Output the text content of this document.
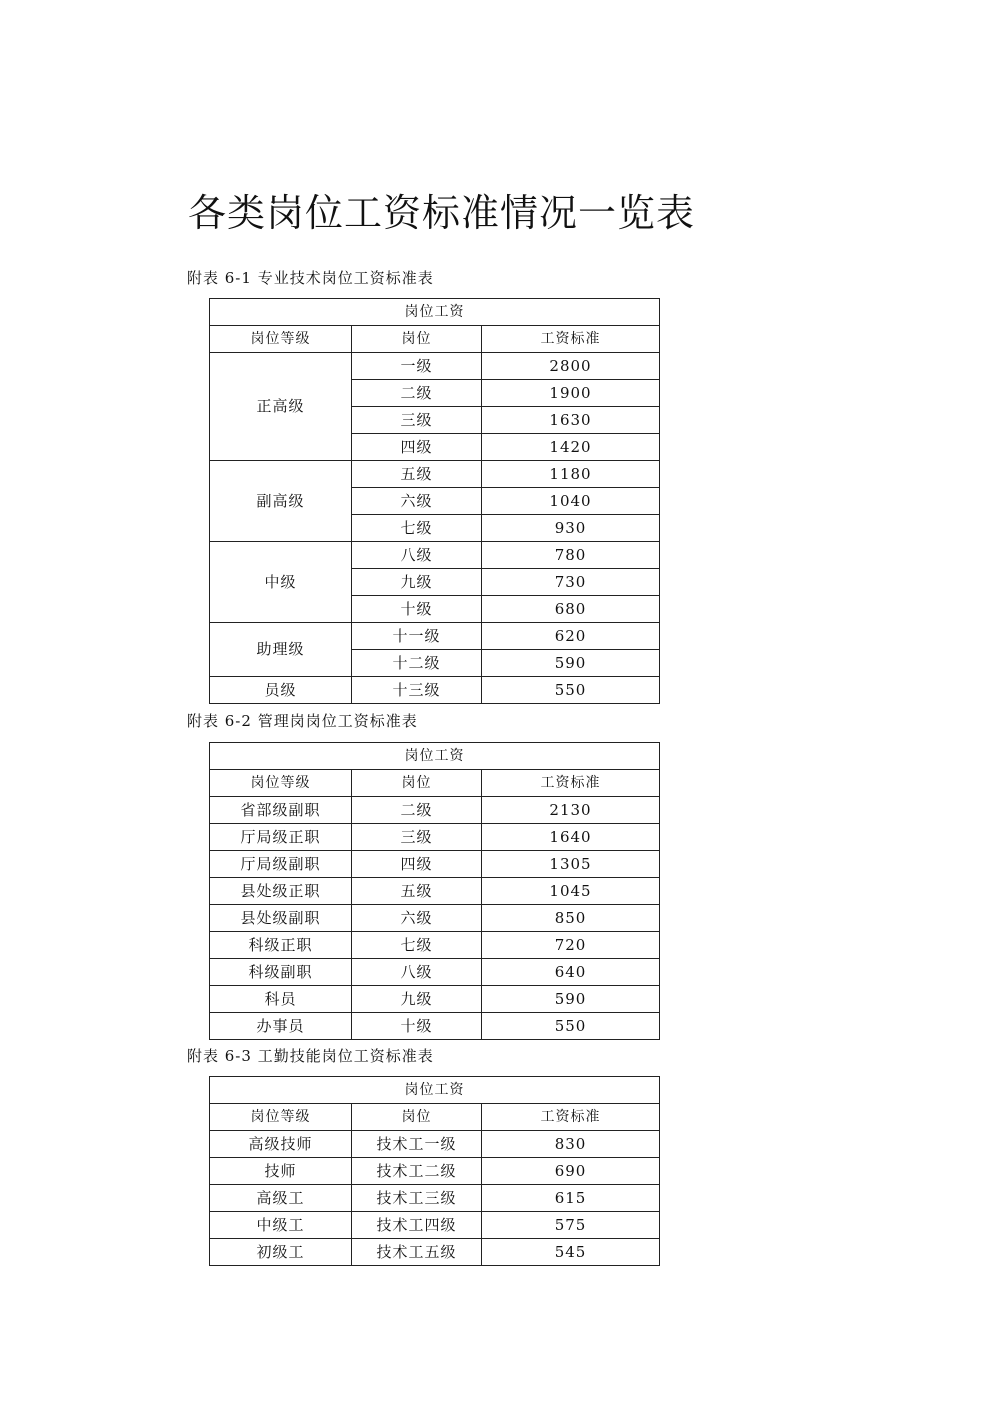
各类岗位工资标准情况一览表
附表 6-1 专业技术岗位工资标准表
岗位工资		
岗位等级	岗位	工资标准
正高级	一级	2800
	二级	1900
	三级	1630
	四级	1420
副高级	五级	1180
	六级	1040
	七级	930
中级	八级	780
	九级	730
	十级	680
助理级	十一级	620
	十二级	590
员级	十三级	550
附表 6-2 管理岗岗位工资标准表
岗位工资		
岗位等级	岗位	工资标准
省部级副职	二级	2130
厅局级正职	三级	1640
厅局级副职	四级	1305
县处级正职	五级	1045
县处级副职	六级	850
科级正职	七级	720
科级副职	八级	640
科员	九级	590
办事员	十级	550
附表 6-3 工勤技能岗位工资标准表
岗位工资		
岗位等级	岗位	工资标准
高级技师	技术工一级	830
技师	技术工二级	690
高级工	技术工三级	615
中级工	技术工四级	575
初级工	技术工五级	545
